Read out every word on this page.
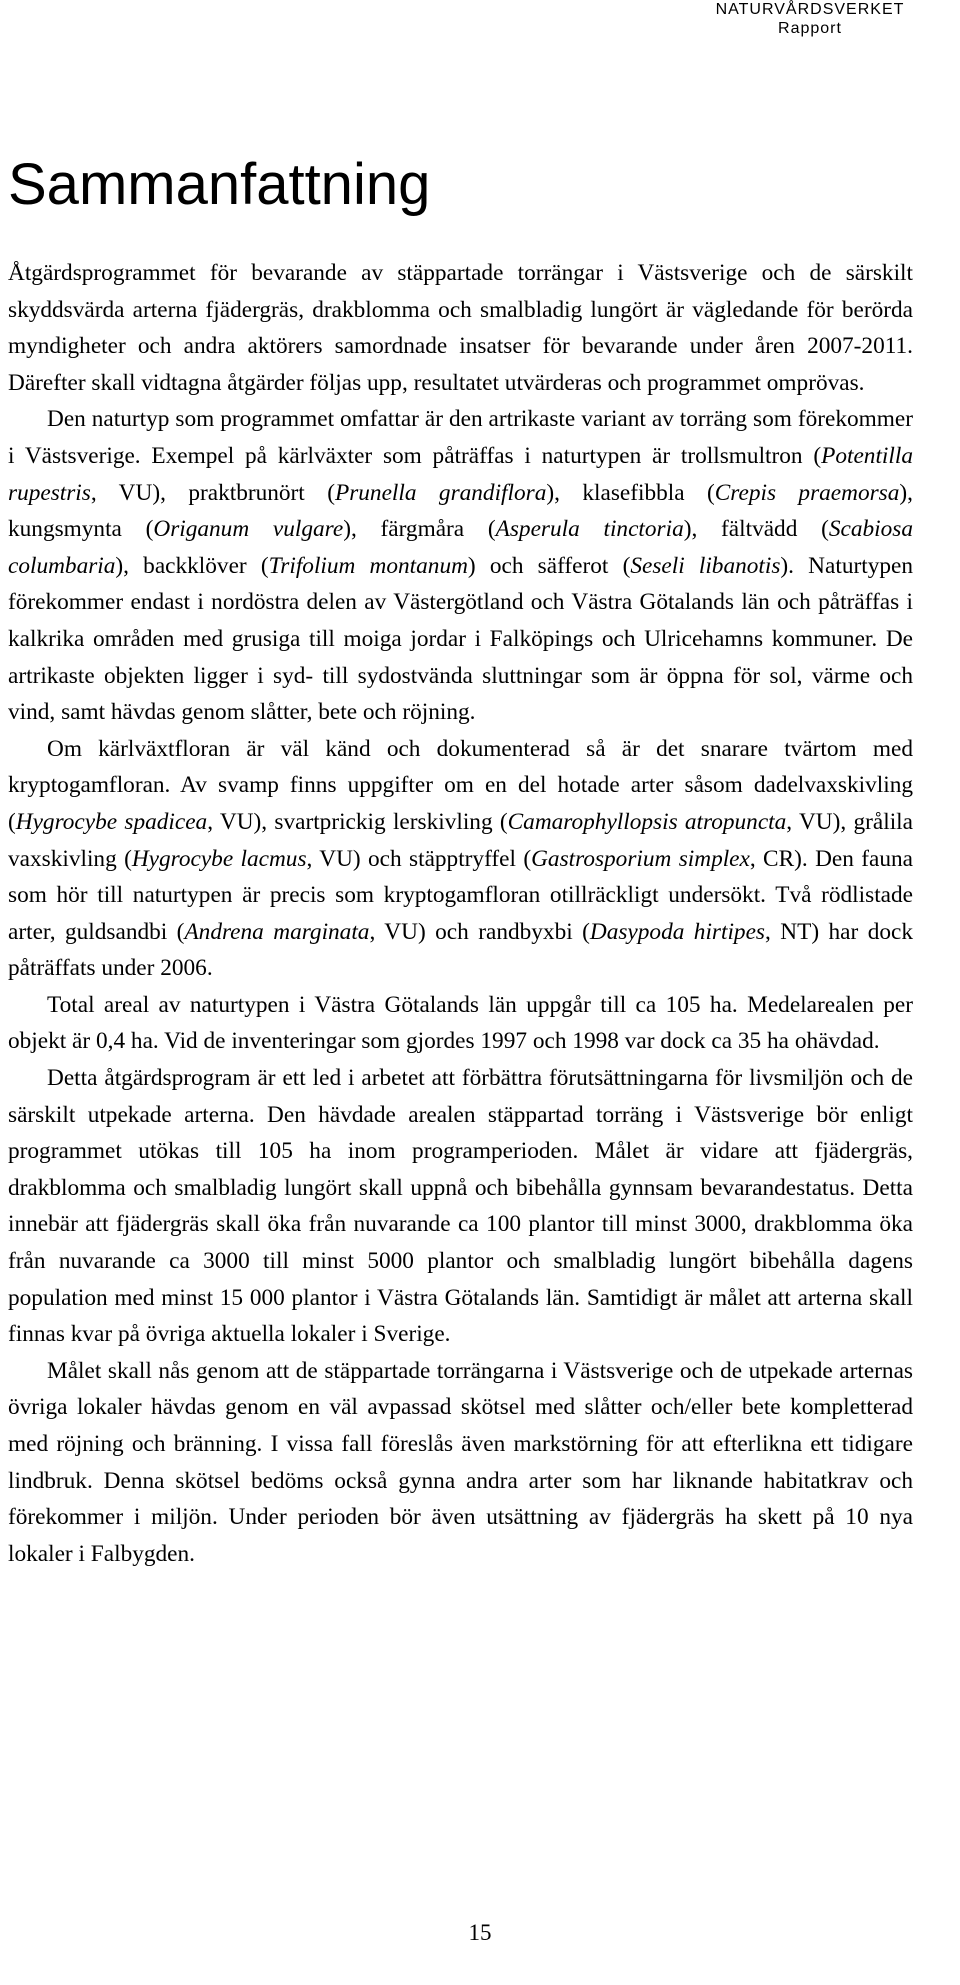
NATURVÅRDSVERKET
Rapport
Sammanfattning

Åtgärdsprogrammet för bevarande av stäppartade torrängar i Västsverige och de särskilt skyddsvärda arterna fjädergräs, drakblomma och smalbladig lungört är vägledande för berörda myndigheter och andra aktörers samordnade insatser för bevarande under åren 2007-2011. Därefter skall vidtagna åtgärder följas upp, resultatet utvärderas och programmet omprövas.

Den naturtyp som programmet omfattar är den artrikaste variant av torräng som förekommer i Västsverige. Exempel på kärlväxter som påträffas i naturtypen är trollsmultron (Potentilla rupestris, VU), praktbrunört (Prunella grandiflora), klasefibbla (Crepis praemorsa), kungsmynta (Origanum vulgare), färgmåra (Asperula tinctoria), fältvädd (Scabiosa columbaria), backklöver (Trifolium montanum) och säfferot (Seseli libanotis). Naturtypen förekommer endast i nordöstra delen av Västergötland och Västra Götalands län och påträffas i kalkrika områden med grusiga till moiga jordar i Falköpings och Ulricehamns kommuner. De artrikaste objekten ligger i syd- till sydostvända sluttningar som är öppna för sol, värme och vind, samt hävdas genom slåtter, bete och röjning.

Om kärlväxtfloran är väl känd och dokumenterad så är det snarare tvärtom med kryptogamfloran. Av svamp finns uppgifter om en del hotade arter såsom dadelvaxskivling (Hygrocybe spadicea, VU), svartprickig lerskivling (Camarophyllopsis atropuncta, VU), grålila vaxskivling (Hygrocybe lacmus, VU) och stäpptryffel (Gastrosporium simplex, CR). Den fauna som hör till naturtypen är precis som kryptogamfloran otillräckligt undersökt. Två rödlistade arter, guldsandbi (Andrena marginata, VU) och randbyxbi (Dasypoda hirtipes, NT) har dock påträffats under 2006.

Total areal av naturtypen i Västra Götalands län uppgår till ca 105 ha. Medelarealen per objekt är 0,4 ha. Vid de inventeringar som gjordes 1997 och 1998 var dock ca 35 ha ohävdad.

Detta åtgärdsprogram är ett led i arbetet att förbättra förutsättningarna för livsmiljön och de särskilt utpekade arterna. Den hävdade arealen stäppartad torräng i Västsverige bör enligt programmet utökas till 105 ha inom programperioden. Målet är vidare att fjädergräs, drakblomma och smalbladig lungört skall uppnå och bibehålla gynnsam bevarandestatus. Detta innebär att fjädergräs skall öka från nuvarande ca 100 plantor till minst 3000, drakblomma öka från nuvarande ca 3000 till minst 5000 plantor och smalbladig lungört bibehålla dagens population med minst 15 000 plantor i Västra Götalands län. Samtidigt är målet att arterna skall finnas kvar på övriga aktuella lokaler i Sverige.

Målet skall nås genom att de stäppartade torrängarna i Västsverige och de utpekade arternas övriga lokaler hävdas genom en väl avpassad skötsel med slåtter och/eller bete kompletterad med röjning och bränning. I vissa fall föreslås även markstörning för att efterlikna ett tidigare lindbruk. Denna skötsel bedöms också gynna andra arter som har liknande habitatkrav och förekommer i miljön. Under perioden bör även utsättning av fjädergräs ha skett på 10 nya lokaler i Falbygden.

15
